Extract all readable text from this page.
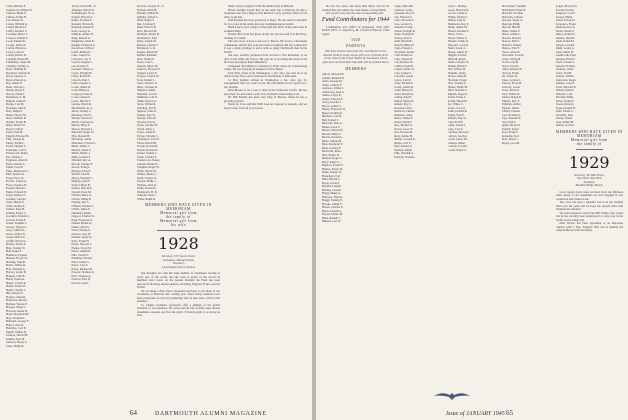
Clark, Richard F.

Greenwood, Walter W.

Clayton, Burke E.

Clinton, Frank H.

Coe, Robert N.

Cohen, William G.

Cohen, Bernard J.

Coffin, Richard S.

Coolidge, Bruce C.

Connors, Daniel E.

Cook, Samuel K.

Cooper, Edwin P.

Corbin, Harold A.

Corey, Lewis F.

Corley, Robert D.

Crandall, Harold B.

Cummings, Stuart M.

Cushing, Charles A.

Dana, William H.

Davidson, Warren R.

Davis, Spencer C.

Davis, Edward A.

Day, Albert P.

Dean, Vernon C.

Denny, Royal E.

Dewey, Frank J.

Dickinson, A. M.

Dimick, Arthur L.

Dodge, Carl M.

Donahue, John F.

Dorr, Ralph E.

Drake, Harold W.

Drew, William R.

Dudley, Foster B.

Dunn, Robert W.

Dwyer, John P.

Eaton, Paul H.

Edgerly, Howard B.

Ellis, George R.

Emery, Frank C.

Evans, Herbert L.

Fairbanks, Carl E.

Farnsworth, Ralph

Fay, Nathan J.

Ferguson, Allan D.

Field, Charles C.

Fisher, Leon F.

Fiske, Raymond G.

Flint, Donald A.

Foster, Perry A.

Fowler, Joseph A.

Frost, Clarence B.

French, Harold J.

Fuller, Edward W.

Gage, Wallace E.

Gardner, Lincoln

Gates, Henry P.

Gibbs, Arthur E.

Gilbert, Noel H.

Gilman, Foster C.

Goodwin, Donald C.

Gordon, Frank F.

Gould, Stephen L.

Graves, Nelson S.

Gray, Clifford L.

Grant, Arthur W.

Green, Milton E.

Griffin, Harold G.

Hadley, Norris P.

Hale, Stanley W.

Hall, Ralph C.

Hamilton, Eugene

Hanson, Royce W.

Harding, Sam B.

Harris, Walter D.

Hart, Wendell A.

Harvey, Lester B.

Haskell, John B.

Hatch, Ernest A.

Hayes, Carroll K.

Hazen, Frank M.

Heath, Charles L.

Hill, Robert N.

Hodges, Allen R.

Holbrook, Harold

Holmes, Warren E.

Hooper, Edgar C.

Howard, Arthur B.

Howe, Raymond H.

Hoyt, Norman L.

Hubbard, George F.

Hunt, Louis W.

Hutchins, Carl B.

Ingalls, Wilbur R.

Jackson, Harold B.

Jenkins, Earl M.

Johnson, Henry C.

Jones, Philip R.

Jacob, Edward H., Jr.

Jennings, Myron D.

Kaffenberger, W. A.

Kaplan, Harold A.

Keefe, Thomas E.

Kendall, Warren R.

Kennedy, Daniel P.

Kent, George A.

Kimball, Arthur W.

King, Russell O.

Kingsbury, Allan E.

Knight, Frederick A.

Knowlton, Clifford

Lamb, Richard C.

Lane, Joseph W.

Lawrence, Jay P.

Leavitt, Eugene C.

Lee, Roland T.

Leonard, Walter A.

Lewis, Dwight H.

Libby, Robert H.

Lincoln, Paul J.

Little, Chester L.

Locke, Albert R.

Lord, Milton A.

Lovejoy, Frank W.

Lowe, Lyman E.

Lucas, Harold F.

Lyman, Edwin R.

MacDonald, D. A.

Mack, Stanley C.

Manning, Paul V.

Marble, Vernon E.

Marsh, Clarence A.

Martin, Harry P.

Mason, Howard L.

Maxwell, Roger W.

May, Donald H.

McCarthy, Justin

McKenna, Edward J.

Mead, Arthur C.

Merrill, Albert E.

Miller, Walter J.

Mills, Gordon S.

Mitchell, Roy A.

Moody, Chester F.

Moore, Irving L.

Morgan, Everett

Morrill, Paul H.

Morse, Wendell C.

Murphy, John F.

Nash, Clifton B.

Nelson, Harold E.

Newell, Earle M.

Nichols, Harry A.

Norton, Philip B.

Nutting, Roy C.

O'Brien, Thomas J.

O'Neil, James F.

Olmstead, Ralph

Osgood, Charles W.

Page, Frederick A.

Palmer, Hiram W.

Parker, Alan D.

Patch, Wesley E.

Pearson, Guy W.

Perkins, Arnold L.

Perry, Frank H.

Pettee, Edward C.

Phelps, Lloyd M.

Pierce, Austin R.

Pike, Everett J.

Plummer, Donald

Pond, Arthur S.

Porter, Carl E.

Potter, Richard B.

Powers, Norman K.

Pratt, Stephen A.

Prescott, Earl H.

Proctor, Leslie

Prescott, George W., Jr.

Prichett, Allen B.

Putnam, Wilbur H.

Quimby, Arthur L.

Rand, Ralph T.

Ray, Carleton E.

Reed, Francis B.

Rice, Howard M.

Richards, Ernest D.

Richardson, Paul

Riley, Joseph M.

Roberts, Lyman C.

Robinson, G. R.

Rogers, Harold H.

Rollins, Kenneth

Ross, Walter E.

Rowe, Carl S.

Russell, Albert M.

Sanborn, Howard F.

Sargent, Lester P.

Sawyer, Everett W.

Scott, Daniel C.

Sears, Frederic A.

Shaw, Norman B.

Shepard, Arthur

Sherman, Leon E.

Simmons, Carl R.

Smith, Harold A.

Snow, Wilbur R.

Spalding, Earl F.

Spencer, John D.

Stanley, Roy W.

Stearns, Edward

Stevens, Paul A.

Stone, Gardner H.

Swain, Allan J.

Taylor, Ralph E.

Thayer, Dwight C.

Thompson, Carl W.

Tilton, Harold B.

Towne, Everett H.

Tucker, Raymond

Turner, Stanley L.

Tuttle, Charles F.

Underwood, Ernest

Upham, Donald C.

Vaughan, Roger W.

Wade, Edwin M.

Walker, Henry L.

Ward, Chester A.

Warren, Philip J.

Webster, Alan R.

Wells, Donald E.

Wentworth, H. B.

Wheeler, Paul C.

White, Ralph D.

MEMBERS WHO HAVE GIVEN IN MEMORIAM

Memorial gift from

the family of

Memorial gift from

his wife

1928

Secretary, 50 Church Street,

Lexington, Massachusetts

Treasurer,

44 Arlington Street, Newton

Our thoughts are with the large number of classmates serving in every part of the world, and the class is proud of the record its members have made. At the present moment the Fund has been reported from many distant quarters, including England, France and the Pacific.

We are made a New Year's resolution and hope to see more of our classmates at Hanover this coming year. Since many reunions have been postponed we trust the gatherings that do take place will be well attended.

Lt. Charlie Graham's operations offer a glimpse of the global activities of our members. He writes that he has recently seen several classmates overseas and that the spirit of Twenty-eight is as strong as ever.

Major Larry Longfell is with the Ninth Army in Holland.

Howie Dwight reports that on the same trip to Hanover he met a classmate who was a major in the Medical Corps and they talked of old times at the Inn.

Paul Rounds has been promoted to major. He has been in Australia for two years in the Army Airways Communications system.

Hank Lane is now a major in the AAF. He still is at the same base in northern India.

Brother Bob Scott has given up his law practice and is in the Navy, training at Cornell.

The new news of Ken Cook was to Brown. He is now a lieutenant commander and his fine work has been recognized. He has written that it was a great privilege to serve with so many Dartmouth men in the Pacific.

See Abe, recently promoted from second to first lieutenant, is on duty in the Army Air Forces. He says he is receiving the letters from the class and enjoys them immensely.

Lieutenant Ted Mahan is stationed in Texas where he is instructing cadets. He was formerly in business in New Haven.

Tom Ellis writes from Washington a few days ago that he is an officer in the Navy and is stationed in the Bureau of Personnel.

Lt. Bob Jenkins arrived in Washington a few days ago for reassignment after two years at sea. He will remain in the capital for a few months.

Dick Brooks is on a tour of duty in the Southwest Pacific. He has been there for more than a year now and finds it interesting work.

Dr. Bill Perkins has been very busy in Boston, where he has a growing practice.

Never let it be said that 1928 does not respond to appeals, and we hope to hear from all of you soon.

64	DARTMOUTH ALUMNI MAGAZINE

the last two years, and more than likely will not be reached this year unless the class makes a strong finish.

It is good to note that the class is responding well.

Fund Contributors for 1944

Contributors: 425 (100% of graduates). Total gifts: $3,945 (95% of objective). M. Crawford Pollock, Class Agent.

1928
PARENTS
(We have listed in this issue the contributors to the Alumni Fund in 1944, whose gifts were received prior to the close of the Fund. Names of classmates whose gifts were received after that date will be printed later.)
MEMBERS

Abbott, Howard B.

Adams, Richard H.

Allen, George M.

Ames, Clinton P.

Andrews, Walter L.

Armstrong, Paul S.

Atkins, Lloyd R.

Austin, Edward P.

Avery, Donald J.

Bacon, Arthur S.

Bailey, Frederick W.

Baker, Norman E.

Baldwin, Carl H.

Ball, Robert T.

Bancroft, Wm. A.

Barker, Leon S.

Barnes, Harold W.

Barrett, Philip C.

Barton, Everett L.

Bates, Samuel R.

Beal, Raymond E.

Bean, Gordon F.

Beckwith, Allan

Bell, Walter H.

Bennett, Roger C.

Berry, Albert L.

Bigelow, Frank N.

Bishop, Ernest M.

Blake, Daniel W.

Blanchard, Earl

Bliss, Harold C.

Boyd, Lewis P.

Bradford, Ralph

Bradley, Chester

Bragg, Henry A.

Brewster, Paul D.

Briggs, Stanley E.

Brooks, Arthur F.

Brown, Charles E.

Bruce, Donald L.

Bryant, Walter M.

Buck, Russell J.

Bullard, Carl W.

Cagan, Malcolm

Cameron, Leslie

Carpenter, Roy H.

Carr, Edward G.

Carter, Howard L.

Case, Gordon S.

Chandler, Irving

Chapin, Dwight R.

Chase, Norman F.

Cheney, Alan P.

Child, Harold E.

Church, Philip W.

Clapp, Everett J.

Cleveland, Arthur

Cobb, Roland A.

Colby, Ernest H.

Cole, Richard W.

Collins, Frank B.

Conant, Walter D.

Cone, Lyman S.

Converse, Lester

Cotton, Carl D.

Crane, Frederick

Crosby, Albert R.

Curtis, Henry W.

Cutler, Donald A.

Cutting, Paul E.

Damon, Harold L.

Daniels, Roy C.

Davenport, Earl

Dearborn, Chester

Dennison, Allan

Dexter, Walter F.

Doane, Frank P.

Dole, Richard S.

Downs, Leon W.

Dow, Everett M.

Drury, Arthur H.

Dunbar, Gordon E.

Durgin, Carl F.

Dyer, Stanley P.

Eastman, Ralph

Eddy, Wendell A.

Edwards, Norman

Gray, C. Manley

Green, Howard R.

Grover, Leslie A.

Hadley, Edwin C.

Haines, Paul W.

Hammond, Roy E.

Hardy, Arthur M.

Harlow, Donald F.

Hatch, Carl L.

Haven, Walter S.

Hawkes, Frank D.

Hayward, Gordon

Heald, Lester C.

Hersey, Albert B.

Higgins, Everett

Hildreth, Ralph

Hobbs, Chester W.

Holden, Richard

Holt, Wilbur H.

Hopkins, Irving

Horton, Allan R.

Howland, Ernest

Hoyt, Stanley E.

Hunter, Philip M.

Hurd, Norman C.

Ingham, Roger P.

Jewett, Frank L.

Jordan, Harold E.

Joy, Walter C.

Keene, Leon A.

Keith, Donald R.

Kelley, Paul F.

Kilburn, Roy W.

Ladd, Earl H.

Lakin, Arthur J.

Lang, Carl E.

Larrabee, Howard

Lathrop, Gordon

Leach, Lester M.

Lindsay, Albert

Lothrop, Everett

Lovell, Ralph S.

McCutchen, Wendell

McDonald, Frank W.

McGrath, Norman

McIntosh, Chester

McLean, Roger A.

Merriam, Philip

Metcalf, Harold

Miner, Walter E.

Mixer, Arthur L.

Monroe, Donald

Morton, Paul C.

Moulton, Stanley

Munroe, Earl F.

Nason, Allan D.

Newcomb, Leon R.

Noble, Irving M.

Norris, Carl H.

Noyes, Everett

Oakes, Richard P.

Ordway, Frank

Orr, Ernest W.

Paine, Gordon C.

Parsons, Howard

Peabody, Lester

Pease, Albert F.

Peck, Wilbur D.

Penney, Ralph R.

Phillips, Roy T.

Pillsbury, Arthur

Pingree, Walter

Pollard, Chester

Poor, Norman E.

Pope, Donald W.

Pray, Paul L.

Quint, Harold A.

Randall, Roger

Read, Frank S.

Reynolds, Earl

Rich, Allan C.

Ripley, Leon H.

Rogers, Howard S.

Rowell, Everett

Sampson, Carl F.

Savage, Philip

Searle, Irving W.

Severance, Frank

Shattuck, Roy E.

Shedd, Walter P.

Sibley, Arthur D.

Skinner, Donald

Slade, Ralph M.

Sleeper, Gordon

Small, Lester A.

Snell, Albert W.

Southworth, Paul

Sprague, Harold

Stark, Chester L.

Stetson, Norman

Stickney, Allan

Storrs, Earl B.

Streeter, Wilbur

Sturtevant, Roger

Sumner, Leon F.

Swett, Howard R.

Tarbell, Everett

Thurston, Carl

Titcomb, Philip

Tobey, Frank D.

Tower, Richard

Trask, Donald H.

Tufts, Ernest C.

Twombly, Paul

Varney, Walter

Vose, Arthur M.

Walton, Gordon

MEMBERS WHO HAVE GIVEN IN MEMORIAM

Memorial gift from

the family of

1929

Secretary, 60 Wall Street,

New York, New York

Treasurer,

Bradford Bldg, Boston

Good reports have been received from the Midwest where many of our classmates are now engaged in war production and related work.

The class has had a splendid record in the Alumni Fund over the years and we hope the present drive will maintain the standard.

We were pleased to hear from Bill Walker who writes that he has recently been transferred to a new post in the Pacific and is doing well.

Dick Brown has been appointed to an important position with a New England firm and is making his home in Boston with his family.

Issue of JANUARY 1945 65
